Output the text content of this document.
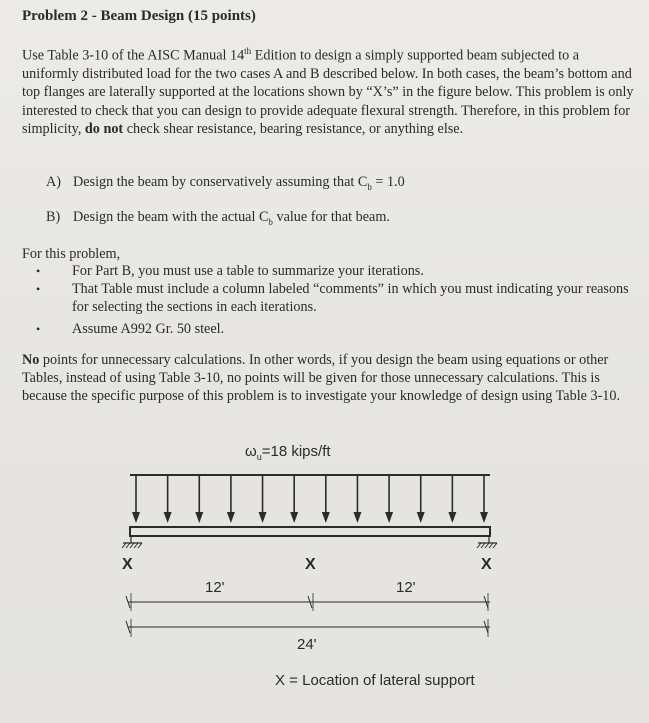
Problem 2 - Beam Design (15 points)
Use Table 3-10 of the AISC Manual 14th Edition to design a simply supported beam subjected to a uniformly distributed load for the two cases A and B described below. In both cases, the beam’s bottom and top flanges are laterally supported at the locations shown by “X’s” in the figure below. This problem is only interested to check that you can design to provide adequate flexural strength. Therefore, in this problem for simplicity, do not check shear resistance, bearing resistance, or anything else.
A) Design the beam by conservatively assuming that $C_b = 1.0$
B) Design the beam with the actual $C_b$ value for that beam.
For this problem,
•	For Part B, you must use a table to summarize your iterations.
•	That Table must include a column labeled “comments” in which you must indicating your reasons for selecting the sections in each iterations.
•	Assume A992 Gr. 50 steel.
No points for unnecessary calculations. In other words, if you design the beam using equations or other Tables, instead of using Table 3-10, no points will be given for those unnecessary calculations. This is because the specific purpose of this problem is to investigate your knowledge of design using Table 3-10.
$\omega_u=18$ kips/ft
X	X	X
12'	12'
24'
X = Location of lateral support
